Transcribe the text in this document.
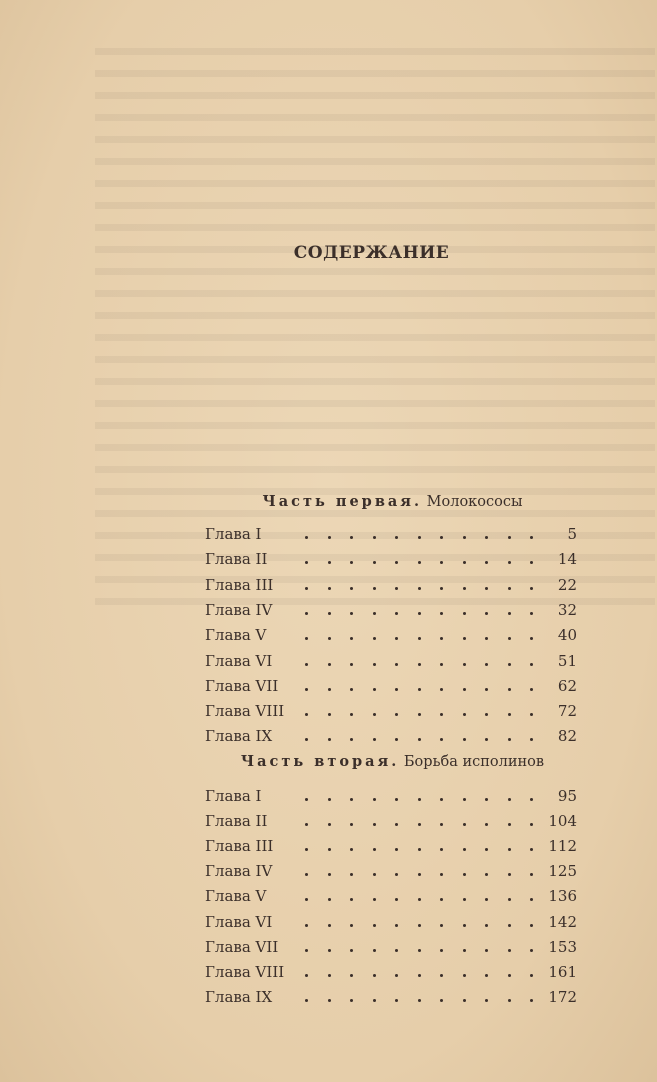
СОДЕРЖАНИЕ
Часть первая. Молокососы
Глава I	5
Глава II	14
Глава III	22
Глава IV	32
Глава V	40
Глава VI	51
Глава VII	62
Глава VIII	72
Глава IX	82
Часть вторая. Борьба исполинов
Глава I	95
Глава II	104
Глава III	112
Глава IV	125
Глава V	136
Глава VI	142
Глава VII	153
Глава VIII	161
Глава IX	172
